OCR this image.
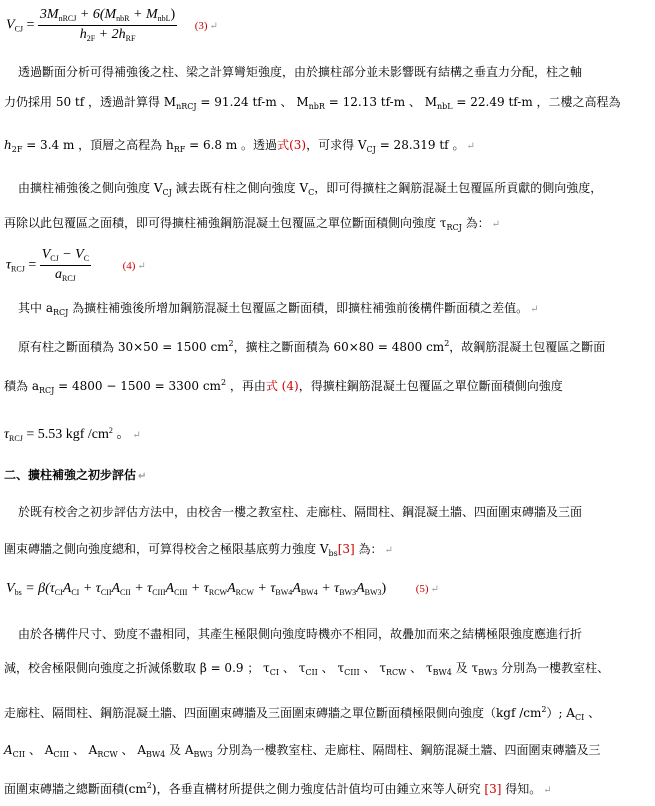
$V_{CJ} = \frac{3M_{nRCJ} + 6(M_{nbR} + M_{nbL})}{h_{2F} + 2h_{RF}} (3)$ ↵
透過斷面分析可得補強後之柱、梁之計算彎矩強度，由於擴柱部分並未影響既有結構之垂直力分配，柱之軸
力仍採用 50 tf ，透過計算得 $M_{nRCJ} = 91.24$ tf-m 、 $M_{nbR} = 12.13$ tf-m 、 $M_{nbL} = 22.49$ tf-m ，二樓之高程為
$h_{2F} = 3.4$ m ，頂層之高程為 $h_{RF} = 6.8$ m 。透過式(3)，可求得 $V_{CJ} = 28.319$ tf 。 ↵
由擴柱補強後之側向強度 $V_{CJ}$ 減去既有柱之側向強度 $V_C$，即可得擴柱之鋼筋混凝土包覆區所貢獻的側向強度，
再除以此包覆區之面積，即可得擴柱補強鋼筋混凝土包覆區之單位斷面積側向強度 $\tau_{RCJ}$ 為： ↵
$\tau_{RCJ} = \frac{V_{CJ} - V_C}{a_{RCJ}}$	(4) ↵
其中 $a_{RCJ}$ 為擴柱補強後所增加鋼筋混凝土包覆區之斷面積，即擴柱補強前後構件斷面積之差值。 ↵
原有柱之斷面積為 30×50 = 1500 $cm^2$，擴柱之斷面積為 60×80 = 4800 $cm^2$，故鋼筋混凝土包覆區之斷面
積為 $a_{RCJ} = 4800 - 1500 = 3300$ $cm^2$ ，再由式 (4)，得擴柱鋼筋混凝土包覆區之單位斷面積側向強度
$\tau_{RCJ} = 5.53$ kgf $/cm^2$ 。 ↵
二、擴柱補強之初步評估 ↵
於既有校舍之初步評估方法中，由校舍一樓之教室柱、走廊柱、隔間柱、鋼混凝土牆、四面圍束磚牆及三面
圍束磚牆之側向強度總和，可算得校舍之極限基底剪力強度 $V_{bs}[3]$ 為： ↵
$V_{bs} = \beta(\tau_{CI}A_{CI} + \tau_{CII}A_{CII} + \tau_{CIII}A_{CIII} + \tau_{RCW}A_{RCW} + \tau_{BW4}A_{BW4} + \tau_{BW3}A_{BW3})$	(5) ↵
由於各構件尺寸、勁度不盡相同，其產生極限側向強度時機亦不相同，故疊加而來之結構極限強度應進行折
減，校舍極限側向強度之折減係數取 β = 0.9 ； $\tau_{CI}$ 、 $\tau_{CII}$ 、 $\tau_{CIII}$ 、 $\tau_{RCW}$ 、 $\tau_{BW4}$ 及 $\tau_{BW3}$ 分別為一樓教室柱、
走廊柱、隔間柱、鋼筋混凝土牆、四面圍束磚牆及三面圍束磚牆之單位斷面積極限側向強度（kgf $/cm^2$）; $A_{CI}$ 、
$A_{CII}$ 、 $A_{CIII}$ 、 $A_{RCW}$ 、 $A_{BW4}$ 及 $A_{BW3}$ 分別為一樓教室柱、走廊柱、隔間柱、鋼筋混凝土牆、四面圍束磚牆及三
面圍束磚牆之總斷面積$(cm^2)$，各垂直構材所提供之側力強度估計值均可由鍾立來等人研究 [3] 得知。 ↵
